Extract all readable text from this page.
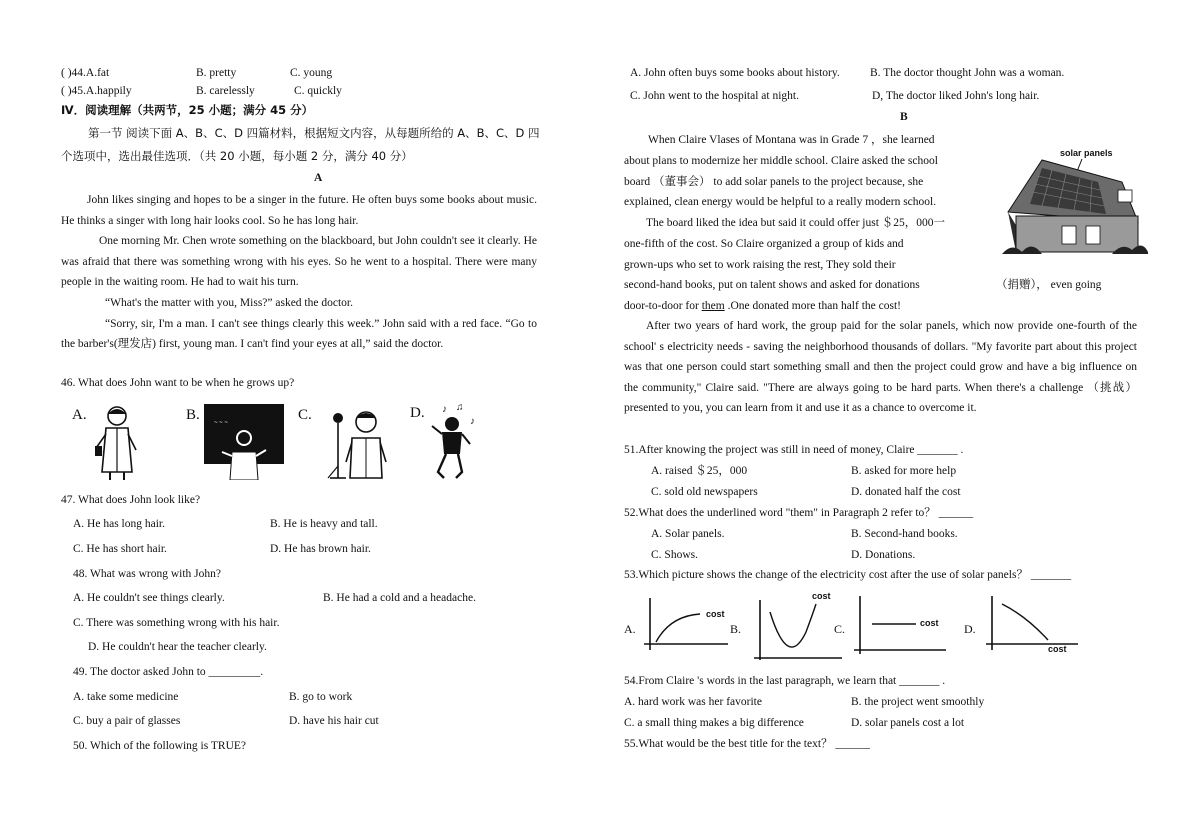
( )44.A.fat	B. pretty	C. young
( )45.A.happily	B. carelessly	C. quickly
Ⅳ．阅读理解（共两节，25 小题；满分 45 分）
第一节 阅读下面 A、B、C、D 四篇材料，根据短文内容，从每题所给的 A、B、C、D 四
个选项中，选出最佳选项．（共 20 小题，每小题 2 分，满分 40 分）
A

John likes singing and hopes to be a singer in the future. He often buys some books about music. He thinks a singer with long hair looks cool. So he has long hair.

One morning Mr. Chen wrote something on the blackboard, but John couldn't see it clearly. He was afraid that there was something wrong with his eyes. So he went to a hospital. There were many people in the waiting room. He had to wait his turn.

“What's the matter with you, Miss?” asked the doctor.

“Sorry, sir, I'm a man. I can't see things clearly this week.” John said with a red face. “Go to the barber's(理发店) first, young man. I can't find your eyes at all,” said the doctor.

46. What does John want to be when he grows up?
A.	B. ~ ~ ~	C.	D. ♪ ♫
♪
47. What does John look like?
A. He has long hair.	B. He is heavy and tall.
C. He has short hair.	D. He has brown hair.
48. What was wrong with John?
A. He couldn't see things clearly.	B. He had a cold and a headache.
C. There was something wrong with his hair.
D. He couldn't hear the teacher clearly.
49. The doctor asked John to _________.
A. take some medicine	B. go to work
C. buy a pair of glasses	D. have his hair cut
50. Which of the following is TRUE?
A. John often buys some books about history.	B. The doctor thought John was a woman.
C. John went to the hospital at night.	D, The doctor liked John's long hair.
B
When Claire Vlases of Montana was in Grade 7 ，she learned
about plans to modernize her middle school. Claire asked the school
board （董事会） to add solar panels to the project because, she
explained, clean energy would be helpful to a really modern school.
The board liked the idea but said it could offer just ＄25，000一
one-fifth of the cost. So Claire organized a group of kids and
grown-ups who set to work raising the rest, They sold their
second-hand books, put on talent shows and asked for donations	（捐赠）， even going
door-to-door for them .One donated more than half the cost!
solar panels
After two years of hard work, the group paid for the solar panels, which now provide one-fourth of the school' s electricity needs - saving the neighborhood thousands of dollars. "My favorite part about this project was that one person could start something small and then the project could grow and have a big influence on the community," Claire said. "There are always going to be hard parts. When there's a challenge （挑战） presented to you, you can learn from it and use it as a chance to overcome it.
51.After knowing the project was still in need of money, Claire _______ .
A. raised ＄25，000	B. asked for more help
C. sold old newspapers	D. donated half the cost
52.What does the underlined word "them" in Paragraph 2 refer to？ ______
A. Solar panels.	B. Second-hand books.
C. Shows.	D. Donations.
53.Which picture shows the change of the electricity cost after the use of solar panels？ _______
A.
cost
B.
cost
C.	cost D.
cost
54.From Claire 's words in the last paragraph, we learn that _______ .
A. hard work was her favorite	B. the project went smoothly
C. a small thing makes a big difference	D. solar panels cost a lot
55.What would be the best title for the text？ ______
